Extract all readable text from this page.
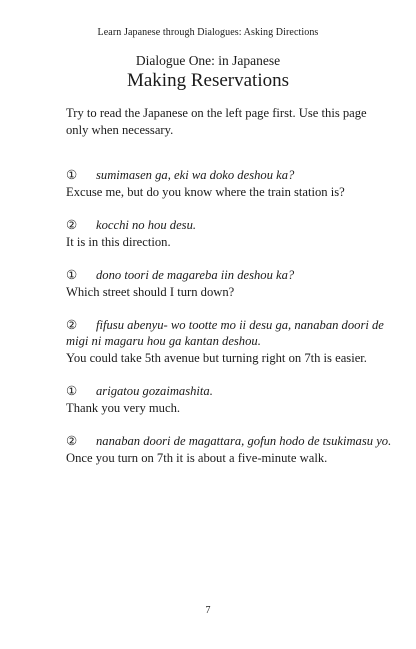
Learn Japanese through Dialogues: Asking Directions
Dialogue One: in Japanese
Making Reservations

Try to read the Japanese on the left page first. Use this page only when necessary.

① sumimasen ga, eki wa doko deshou ka?
Excuse me, but do you know where the train station is?
② kocchi no hou desu.
It is in this direction.
① dono toori de magareba iin deshou ka?
Which street should I turn down?
② fifusu abenyu- wo tootte mo ii desu ga, nanaban doori de
migi ni magaru hou ga kantan deshou.
You could take 5th avenue but turning right on 7th is easier.
① arigatou gozaimashita.
Thank you very much.
② nanaban doori de magattara, gofun hodo de tsukimasu yo.
Once you turn on 7th it is about a five-minute walk.
7
